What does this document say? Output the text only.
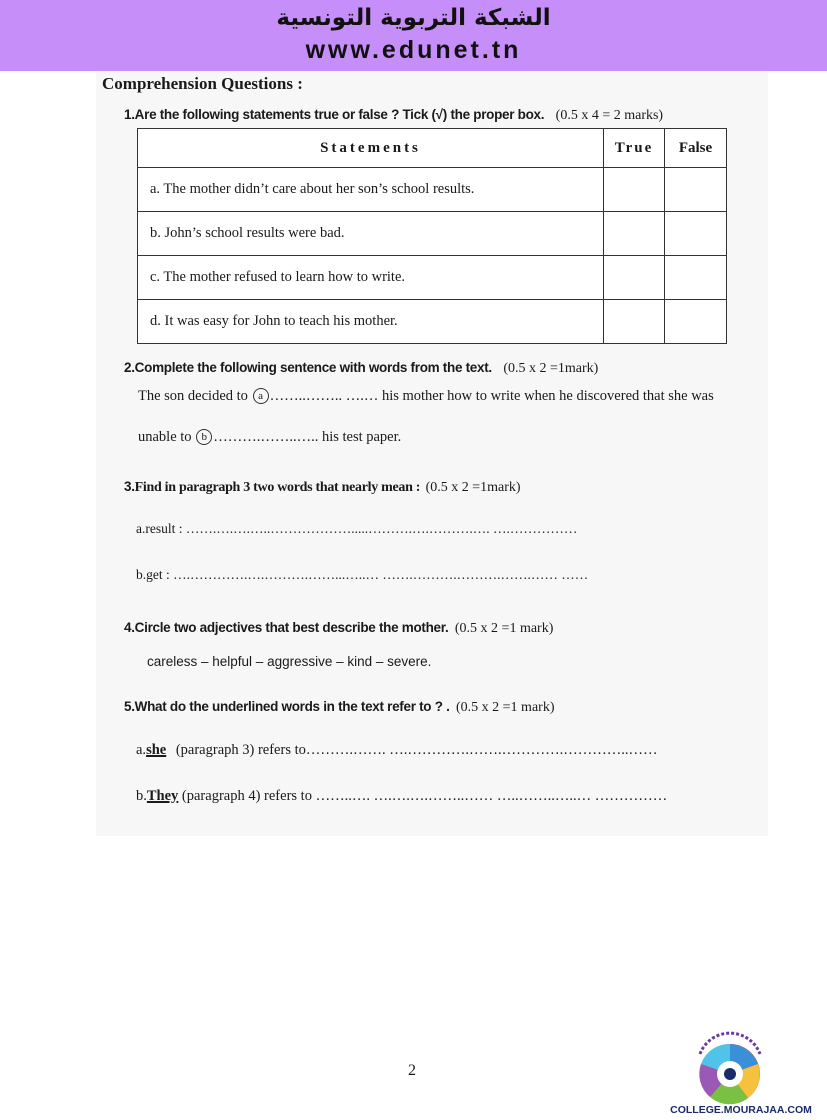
الشبكة التربوية التونسية
www.edunet.tn
Comprehension Questions :
1.Are the following statements true or false ? Tick (√) the proper box. (0.5 x 4 = 2 marks)
Statements	True	False
a. The mother didn’t care about her son’s school results.		
b. John’s school results were bad.		
c. The mother refused to learn how to write.		
d. It was easy for John to teach his mother.		
2.Complete the following sentence with words from the text. (0.5 x 2 =1mark)
The son decided to a ……..…….. ….… his mother how to write when he discovered that she was
unable to b ……….……..….. his test paper.
3.Find in paragraph 3 two words that nearly mean : (0.5 x 2 =1mark)
a.result : …….….….…..……………….....……….….……….…. ….……………
b.get : ….………….….……….……...…..… …….……….……….…….…… ……
4.Circle two adjectives that best describe the mother. (0.5 x 2 =1 mark)
careless – helpful – aggressive – kind – severe.
5.What do the underlined words in the text refer to ? . (0.5 x 2 =1 mark)
a.she (paragraph 3) refers to……….……. ….………….…….………….…………..……
b.They (paragraph 4) refers to ……..…. ….….….……..…… …..……..…..… ……………
2
COLLEGE.MOURAJAA.COM
